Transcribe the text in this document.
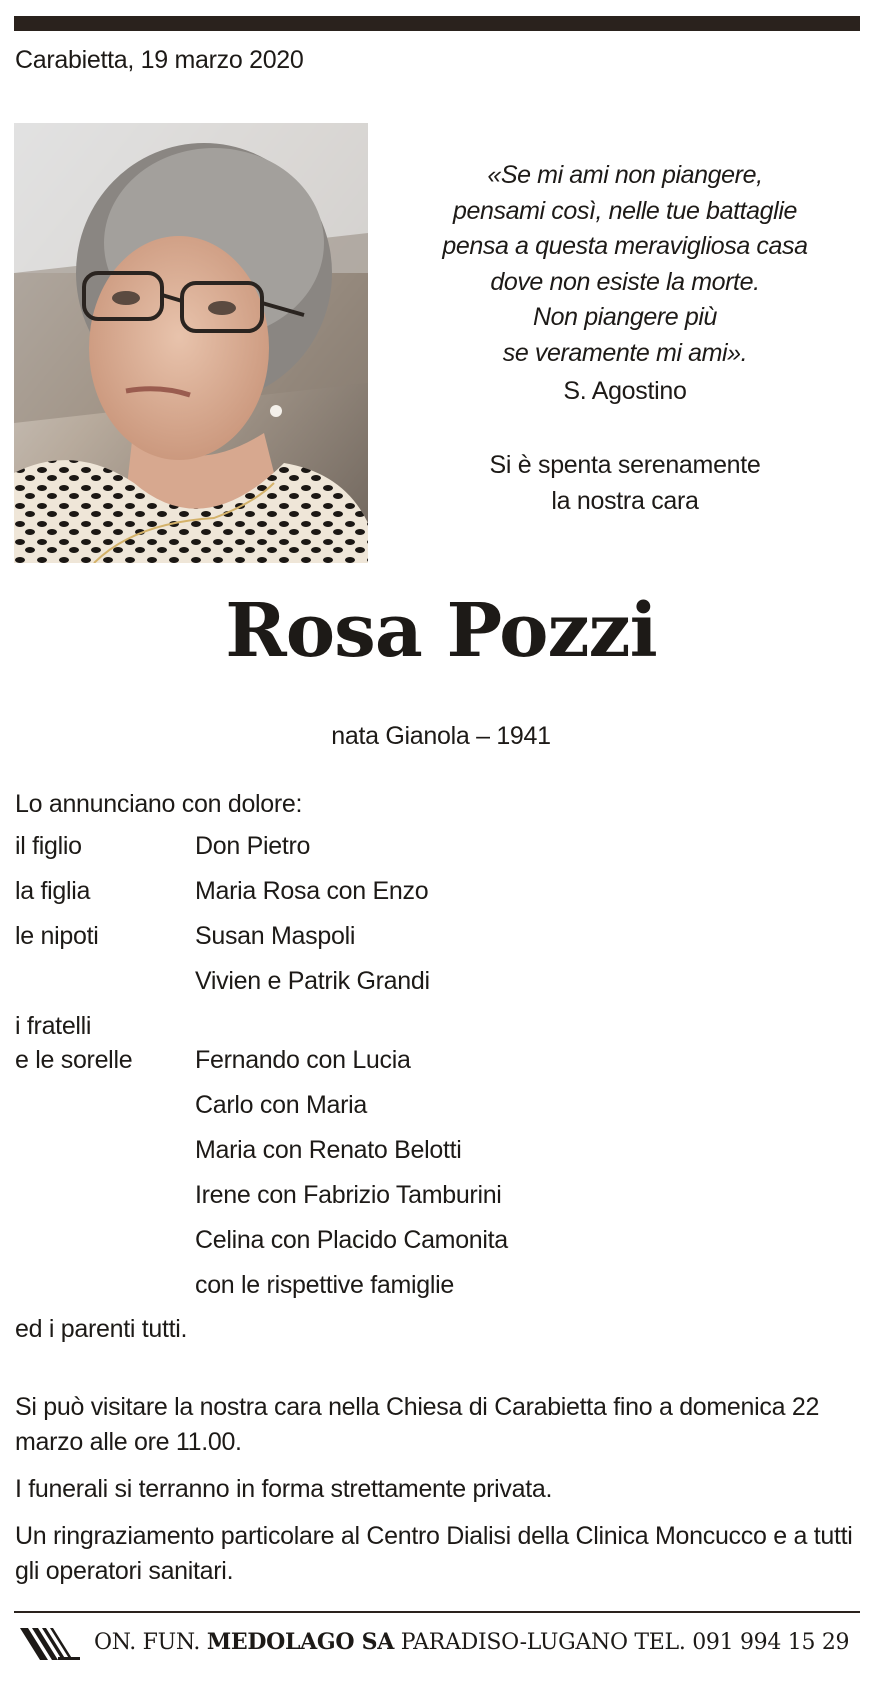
Carabietta, 19 marzo 2020
«Se mi ami non piangere,
pensami così, nelle tue battaglie
pensa a questa meravigliosa casa
dove non esiste la morte.
Non piangere più
se veramente mi ami».
S. Agostino
Si è spenta serenamente
la nostra cara
Rosa Pozzi
nata Gianola – 1941
Lo annunciano con dolore:
il figlio	Don Pietro
la figlia	Maria Rosa con Enzo
le nipoti	Susan Maspoli
Vivien e Patrik Grandi
i fratelli
e le sorelle	Fernando con Lucia
Carlo con Maria
Maria con Renato Belotti
Irene con Fabrizio Tamburini
Celina con Placido Camonita
con le rispettive famiglie
ed i parenti tutti.

Si può visitare la nostra cara nella Chiesa di Carabietta fino a domenica 22 marzo alle ore 11.00.

I funerali si terranno in forma strettamente privata.

Un ringraziamento particolare al Centro Dialisi della Clinica Moncucco e a tutti gli operatori sanitari.

ON. FUN. MEDOLAGO SA PARADISO-LUGANO TEL. 091 994 15 29
